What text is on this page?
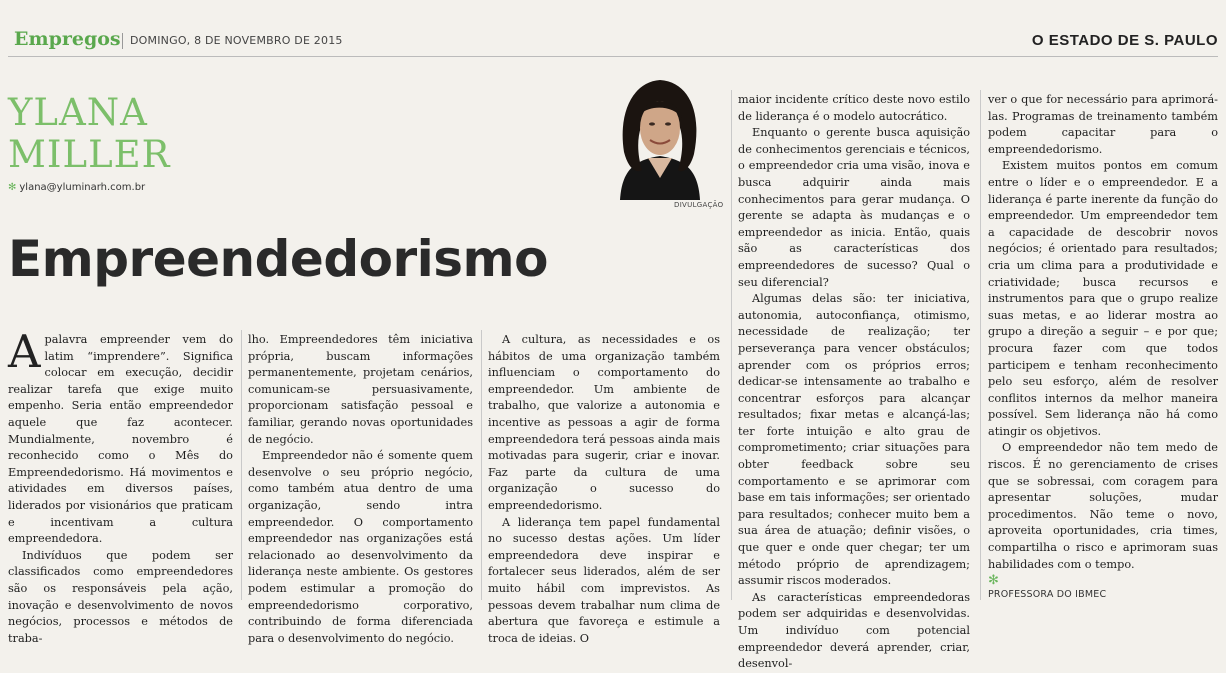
Empregos DOMINGO, 8 DE NOVEMBRO DE 2015	O ESTADO DE S. PAULO
YLANA
MILLER
✻ ylana@yluminarh.com.br
DIVULGAÇÃO
Empreendedorismo

Apalavra empreender vem do latim “imprendere”. Significa colocar em execução, decidir realizar tarefa que exige muito empenho. Seria então empreendedor aquele que faz acontecer. Mundialmente, novembro é reconhecido como o Mês do Empreendedorismo. Há movimentos e atividades em diversos países, liderados por visionários que praticam e incentivam a cultura empreendedora.

Indivíduos que podem ser classificados como empreendedores são os responsáveis pela ação, inovação e desenvolvimento de novos negócios, processos e métodos de traba-

lho. Empreendedores têm iniciativa própria, buscam informações permanentemente, projetam cenários, comunicam-se persuasivamente, proporcionam satisfação pessoal e familiar, gerando novas oportunidades de negócio.

Empreendedor não é somente quem desenvolve o seu próprio negócio, como também atua dentro de uma organização, sendo intra empreendedor. O comportamento empreendedor nas organizações está relacionado ao desenvolvimento da liderança neste ambiente. Os gestores podem estimular a promoção do empreendedorismo corporativo, contribuindo de forma diferenciada para o desenvolvimento do negócio.

A cultura, as necessidades e os hábitos de uma organização também influenciam o comportamento do empreendedor. Um ambiente de trabalho, que valorize a autonomia e incentive as pessoas a agir de forma empreendedora terá pessoas ainda mais motivadas para sugerir, criar e inovar. Faz parte da cultura de uma organização o sucesso do empreendedorismo.

A liderança tem papel fundamental no sucesso destas ações. Um líder empreendedora deve inspirar e fortalecer seus liderados, além de ser muito hábil com imprevistos. As pessoas devem trabalhar num clima de abertura que favoreça e estimule a troca de ideias. O

maior incidente crítico deste novo estilo de liderança é o modelo autocrático.

Enquanto o gerente busca aquisição de conhecimentos gerenciais e técnicos, o empreendedor cria uma visão, inova e busca adquirir ainda mais conhecimentos para gerar mudança. O gerente se adapta às mudanças e o empreendedor as inicia. Então, quais são as características dos empreendedores de sucesso? Qual o seu diferencial?

Algumas delas são: ter iniciativa, autonomia, autoconfiança, otimismo, necessidade de realização; ter perseverança para vencer obstáculos; aprender com os próprios erros; dedicar-se intensamente ao trabalho e concentrar esforços para alcançar resultados; fixar metas e alcançá-las; ter forte intuição e alto grau de comprometimento; criar situações para obter feedback sobre seu comportamento e se aprimorar com base em tais informações; ser orientado para resultados; conhecer muito bem a sua área de atuação; definir visões, o que quer e onde quer chegar; ter um método próprio de aprendizagem; assumir riscos moderados.

As características empreendedoras podem ser adquiridas e desenvolvidas. Um indivíduo com potencial empreendedor deverá aprender, criar, desenvol-

ver o que for necessário para aprimorá-las. Programas de treinamento também podem capacitar para o empreendedorismo.

Existem muitos pontos em comum entre o líder e o empreendedor. E a liderança é parte inerente da função do empreendedor. Um empreendedor tem a capacidade de descobrir novos negócios; é orientado para resultados; cria um clima para a produtividade e criatividade; busca recursos e instrumentos para que o grupo realize suas metas, e ao liderar mostra ao grupo a direção a seguir – e por que; procura fazer com que todos participem e tenham reconhecimento pelo seu esforço, além de resolver conflitos internos da melhor maneira possível. Sem liderança não há como atingir os objetivos.

O empreendedor não tem medo de riscos. É no gerenciamento de crises que se sobressai, com coragem para apresentar soluções, mudar procedimentos. Não teme o novo, aproveita oportunidades, cria times, compartilha o risco e aprimoram suas habilidades com o tempo.

✻
PROFESSORA DO IBMEC
